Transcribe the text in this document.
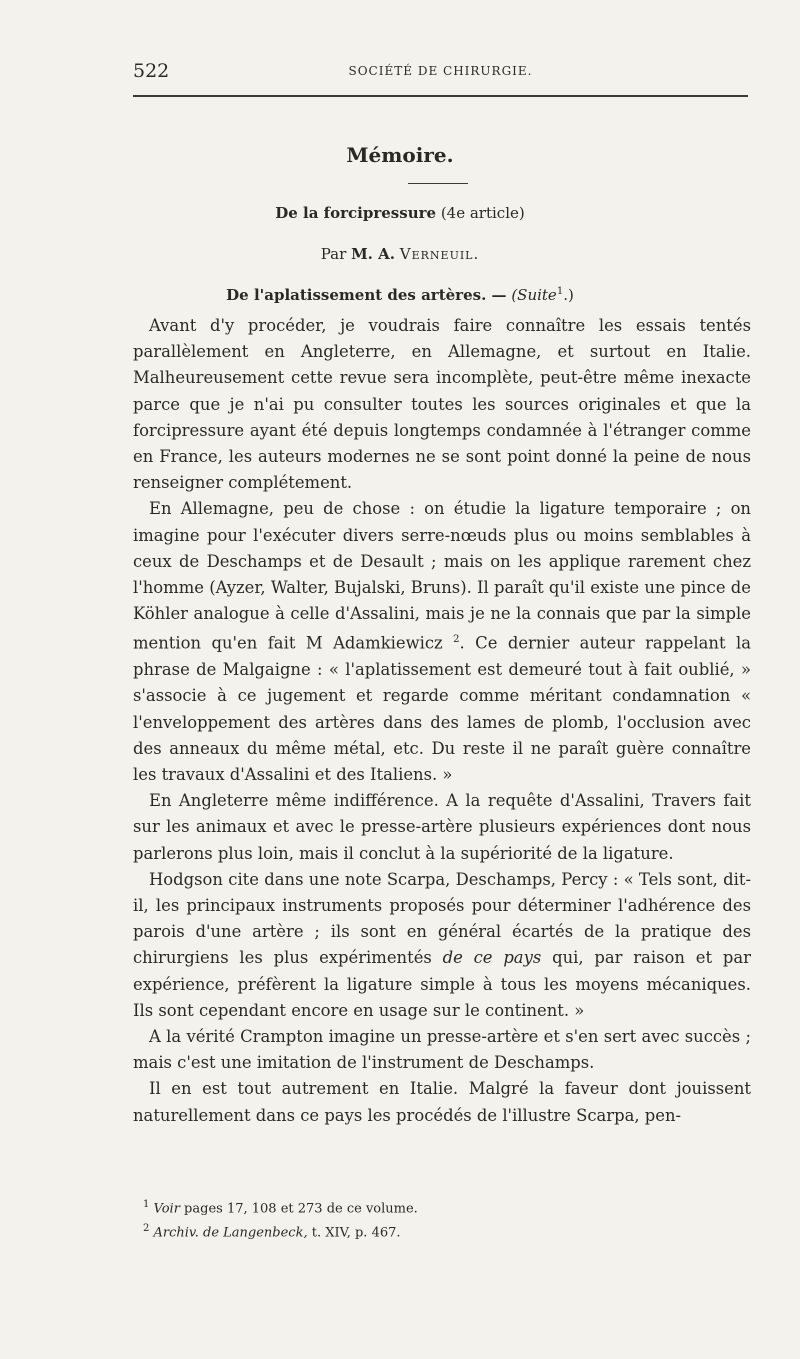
522	SOCIÉTÉ DE CHIRURGIE.
Mémoire.
De la forcipressure (4e article)
Par M. A. Verneuil.
De l'aplatissement des artères. — (Suite$^1$.)

Avant d'y procéder, je voudrais faire connaître les essais tentés parallèlement en Angleterre, en Allemagne, et surtout en Italie. Malheureusement cette revue sera incomplète, peut-être même inexacte parce que je n'ai pu consulter toutes les sources originales et que la forcipressure ayant été depuis longtemps condamnée à l'étranger comme en France, les auteurs modernes ne se sont point donné la peine de nous renseigner complétement.

En Allemagne, peu de chose : on étudie la ligature temporaire ; on imagine pour l'exécuter divers serre-nœuds plus ou moins semblables à ceux de Deschamps et de Desault ; mais on les applique rarement chez l'homme (Ayzer, Walter, Bujalski, Bruns). Il paraît qu'il existe une pince de Köhler analogue à celle d'Assalini, mais je ne la connais que par la simple mention qu'en fait M Adamkiewicz $^2$. Ce dernier auteur rappelant la phrase de Malgaigne : « l'aplatissement est demeuré tout à fait oublié, » s'associe à ce jugement et regarde comme méritant condamnation « l'enveloppement des artères dans des lames de plomb, l'occlusion avec des anneaux du même métal, etc. Du reste il ne paraît guère connaître les travaux d'Assalini et des Italiens. »

En Angleterre même indifférence. A la requête d'Assalini, Travers fait sur les animaux et avec le presse-artère plusieurs expériences dont nous parlerons plus loin, mais il conclut à la supériorité de la ligature.

Hodgson cite dans une note Scarpa, Deschamps, Percy : « Tels sont, dit-il, les principaux instruments proposés pour déterminer l'adhérence des parois d'une artère ; ils sont en général écartés de la pratique des chirurgiens les plus expérimentés de ce pays qui, par raison et par expérience, préfèrent la ligature simple à tous les moyens mécaniques. Ils sont cependant encore en usage sur le continent. »

A la vérité Crampton imagine un presse-artère et s'en sert avec succès ; mais c'est une imitation de l'instrument de Deschamps.

Il en est tout autrement en Italie. Malgré la faveur dont jouissent naturellement dans ce pays les procédés de l'illustre Scarpa, pen-

$^1$ Voir pages 17, 108 et 273 de ce volume.

$^2$ Archiv. de Langenbeck, t. XIV, p. 467.
